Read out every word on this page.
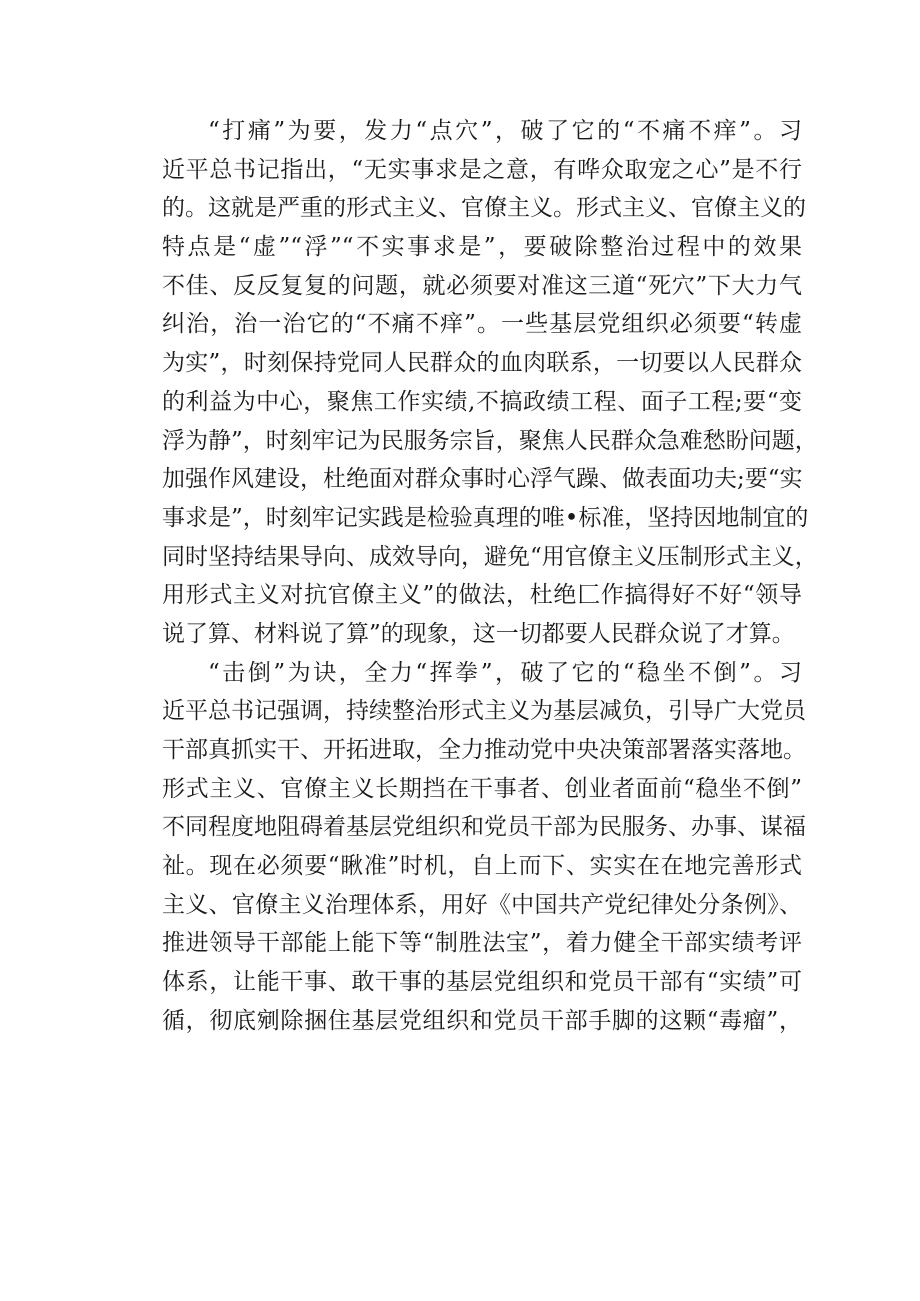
“打痛”为要，发力“点穴”，破了它的“不痛不痒”。习
近平总书记指出，“无实事求是之意，有哗众取宠之心”是不行
的。这就是严重的形式主义、官僚主义。形式主义、官僚主义的
特点是“虚”“浮”“不实事求是”，要破除整治过程中的效果
不佳、反反复复的问题，就必须要对准这三道“死穴”下大力气
纠治，治一治它的“不痛不痒”。一些基层党组织必须要“转虚
为实”，时刻保持党同人民群众的血肉联系，一切要以人民群众
的利益为中心，聚焦工作实绩,不搞政绩工程、面子工程;要“变
浮为静”，时刻牢记为民服务宗旨，聚焦人民群众急难愁盼问题，
加强作风建设，杜绝面对群众事时心浮气躁、做表面功夫;要“实
事求是”，时刻牢记实践是检验真理的唯•标准，坚持因地制宜的
同时坚持结果导向、成效导向，避免“用官僚主义压制形式主义，
用形式主义对抗官僚主义”的做法，杜绝匚作搞得好不好“领导
说了算、材料说了算”的现象，这一切都要人民群众说了才算。
“击倒”为诀，全力“挥拳”，破了它的“稳坐不倒”。习
近平总书记强调，持续整治形式主义为基层减负，引导广大党员
干部真抓实干、开拓进取，全力推动党中央决策部署落实落地。
形式主义、官僚主义长期挡在干事者、创业者面前“稳坐不倒”
不同程度地阻碍着基层党组织和党员干部为民服务、办事、谋福
祉。现在必须要“瞅准”时机，自上而下、实实在在地完善形式
主义、官僚主义治理体系，用好《中国共产党纪律处分条例》、
推进领导干部能上能下等“制胜法宝”，着力健全干部实绩考评
体系，让能干事、敢干事的基层党组织和党员干部有“实绩”可
循，彻底剜除捆住基层党组织和党员干部手脚的这颗“毒瘤”，
